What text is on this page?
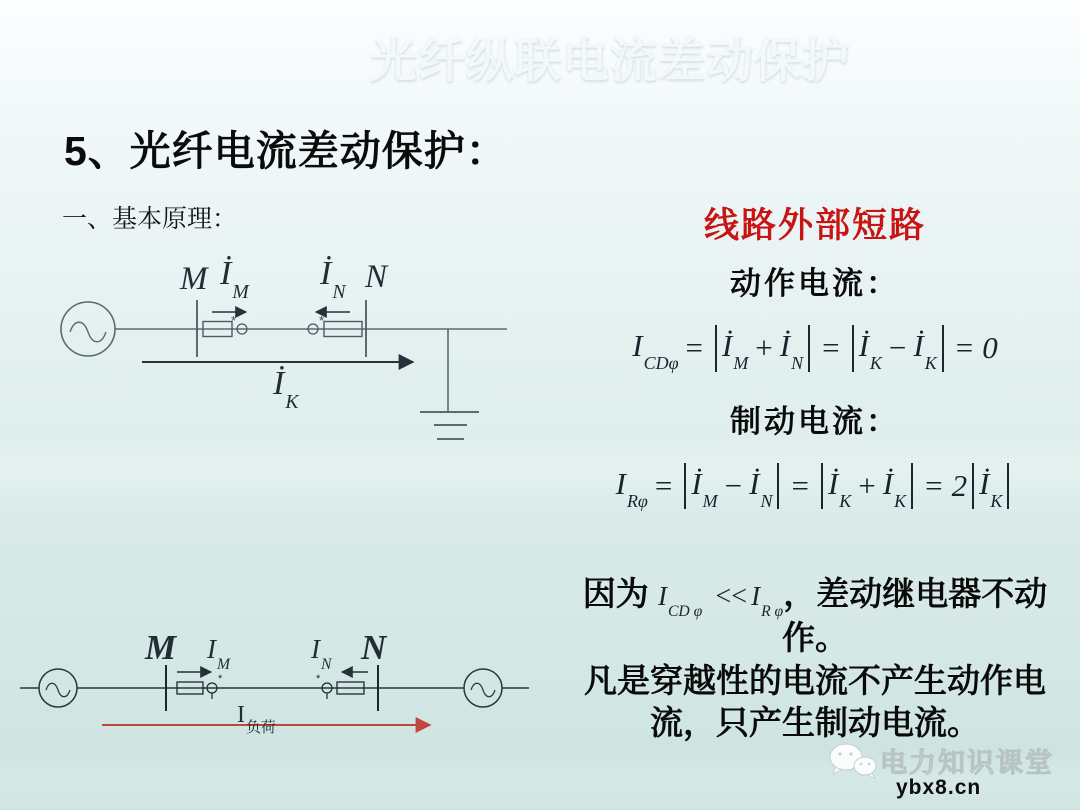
光纤纵联电流差动保护
5、光纤电流差动保护：
一、基本原理：
*	*
M $İ_M$ $İ_N$ N
$İ_K$
线路外部短路
动作电流：
$I_{CD\varphi}$ = $İ_M$ + $İ_N$ = $İ_K$ − $İ_K = 0$
制动电流：
$I_{R\varphi}$ = $İ_M$ − $İ_N$ = $İ_K$ + $İ_K = 2$ $İ_K$
因为 $I_{CD \varphi} << I_{R \varphi}$，差动继电器不动作。
凡是穿越性的电流不产生动作电流，只产生制动电流。
*	*
M $I_M$
$I_N$ N
$I_{负荷}$
电力知识课堂
ybx8.cn
